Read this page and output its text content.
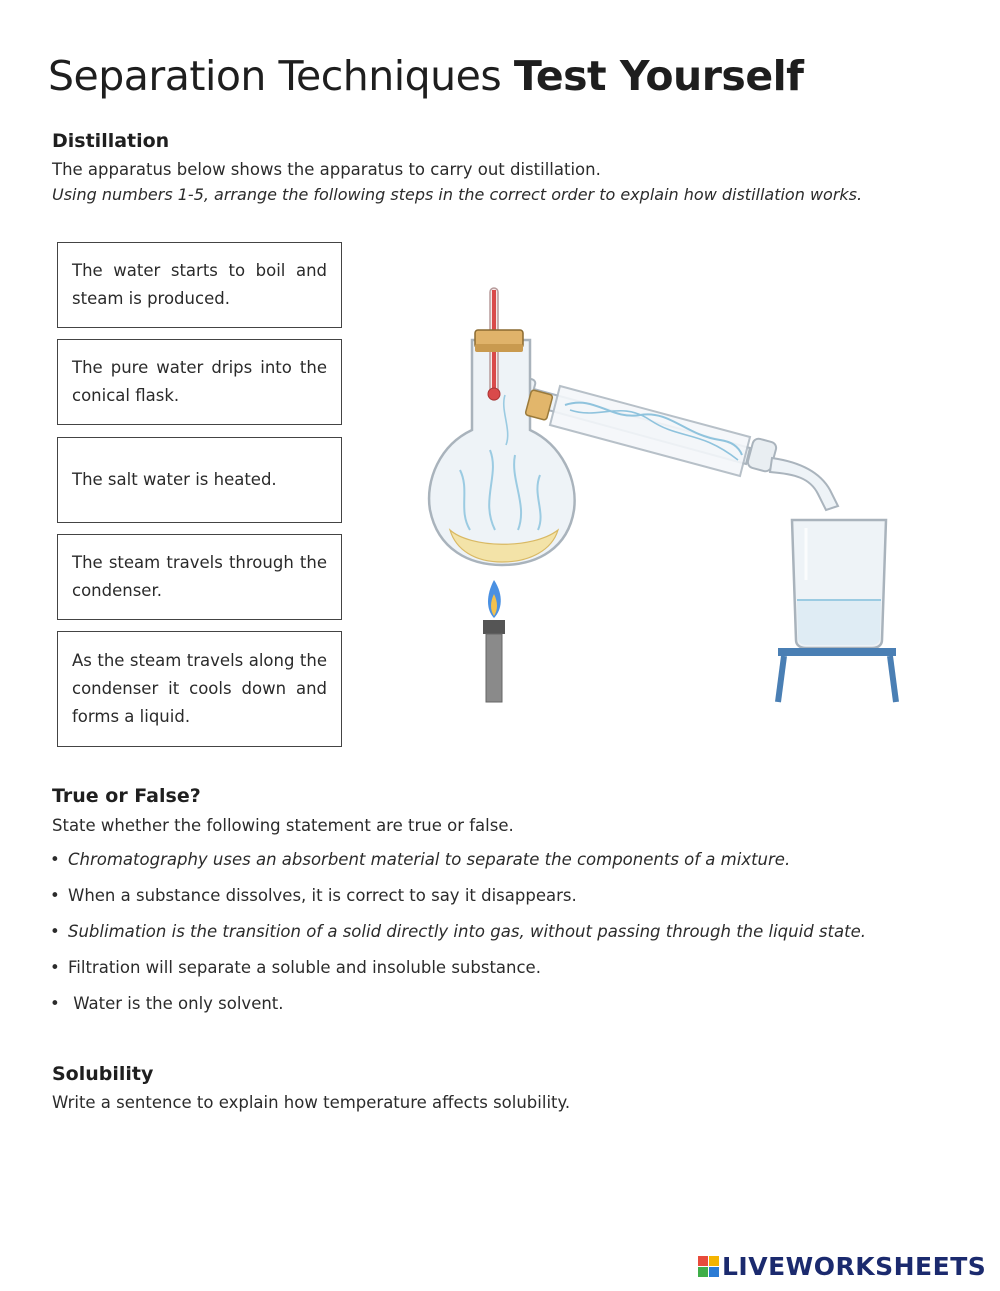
Separation Techniques Test Yourself
Distillation

The apparatus below shows the apparatus to carry out distillation.

Using numbers 1-5, arrange the following steps in the correct order to explain how distillation works.

The water starts to boil and steam is produced.
The pure water drips into the conical flask.
The salt water is heated.
The steam travels through the condenser.
As the steam travels along the condenser it cools down and forms a liquid.
True or False?

State whether the following statement are true or false.

• Chromatography uses an absorbent material to separate the components of a mixture.
• When a substance dissolves, it is correct to say it disappears.
• Sublimation is the transition of a solid directly into gas, without passing through the liquid state.
• Filtration will separate a soluble and insoluble substance.
• Water is the only solvent.
Solubility

Write a sentence to explain how temperature affects solubility.

LIVEWORKSHEETS
